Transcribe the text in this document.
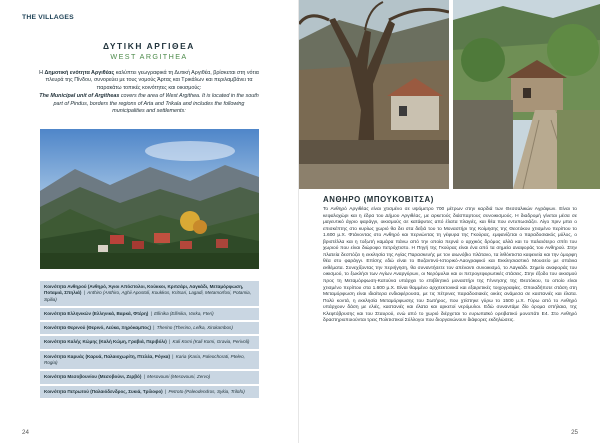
THE VILLAGES
ΔΥΤΙΚΗ ΑΡΓΙΘΕΑ
WEST ARGITHEA

Η Δημοτική ενότητα Αργιθέας καλύπτει γεωγραφικά τη Δυτική Αργιθέα, βρίσκεται στη νότια πλευρά της Πίνδου, συνορεύει με τους νομούς Άρτας και Τρικάλων και περιλαμβάνει τα παρακάτω τοπικές κοινότητες και οικισμούς:

The Municipal unit of Argitheas covers the area of West Argithea. It is located in the south part of Pindus, borders the regions of Arta and Trikala and includes the following municipalities and settlements:

Κοινότητα Ανθηρού (Ανθηρό, Άγιοι Απόστολοι, Κούκκοι, Κριτσάρι, Λαγκάδι, Μεταμόρφωση, Ποταμιά, Σπηλιά) | Anthiro (Anthiro, Aghii Apostoli, Koukkos, Kritsari, Lagadi, Metamorfosi, Potamia, Spilia)
Κοινότητα Ελληνικών (Ελληνικά, Βαρκά, Φτέρη) | Ellinika (Ellinika, Varka, Fteri)
Κοινότητα Θερινού (Θερινό, Λεύκα, Ξηρόκαμπος) | Therino (Therino, Lefka, Xirokambos)
Κοινότητα Καλής Κώμης (Καλή Κώμη, Γραβιά, Περιβόλι) | Kali Komi (Kali Komi, Gravia, Perivoli)
Κοινότητα Καρυάς (Καρυά, Παλαιοχωρίτη, Πτελέα, Ρόγκα) | Karia (Karia, Paleochorati, Pteleo, Rogia)
Κοινότητα Μεσοβουνίου (Μεσοβούνι, Ζερβό) | Mesovouni (Mesovouni, Zervo)
Κοινότητα Πετρωτού (Παλαιόδενδρος, Συκιά, Τρίλοφο) | Petroto (Paleodendros, Sykia, Trilofo)
24
ΑΝΘΗΡΟ (ΜΠΟΥΚΟΒΙΤΣΑ)

Το Ανθηρό Αργιθέας είναι χτισμένο σε υψόμετρο 700 μέτρων στην καρδιά των Θεσσαλικών Αγράφων. Είναι το κεφαλοχώρι και η έδρα του Δήμου Αργιθέας, με αρκετούς διάσπαρτους συνοικισμούς. Η διαδρομή γίνεται μέσα σε μαγευτικό άγριο φαράγγι, οικισμούς σε κατάφυτες από έλατα πλαγιές, και θέα που εντυπωσιάζει. Λίγο πριν μπει ο επισκέπτης στο κυρίως χωριό θα δει στα δεξιά του το Μοναστήρι της Κοίμησης της Θεοτόκου χτισμένο περίπου το 1.600 μ.Χ. Φτάνοντας στο Ανθηρό και περνώντας τη γέφυρα της Γκούρας, εμφανίζεται ο παραδοσιακός μύλος, ο βριστέλλα και η τοξωτή καμάρα πάνω από την οποία περνά ο αρχικός δρόμος αλλά και το παλαιότερο σπίτι του χωριού που είναι διώροφο πετρόχτιστο. Η Πηγή της Γκούρας είναι ένα από τα σημεία αναφοράς του Ανθηρού. Στην πλατεία δεσπόζει η εκκλησία της Αγίας Παρασκευής με τον αιωνόβιο πλάτανο, τα λιθόκτιστα καφενεία και την όμορφη θέα στο φαράγγι. Επίσης εδώ είναι το Βυζαντινό-Ιστορικό-Λαογραφικό και Εκκλησιαστικό Μουσείο με σπάνια εκθέματα. Συνεχίζοντας την περιήγηση, θα συναντήσετε τον απέναντι συνοικισμό, το Λαγκάδι. Σημείο αναφοράς του οικισμού, το ξωκλήσι των Αγίων Αναργύρων, οι Νερόμυλοι και οι πετρογεφυρωτικές στάσεις. Στην έξοδο του οικισμού προς τη Μεταμόρφωση-Κατούνα υπάρχει το επιβλητικό μοναστήρι της Γέννησης της Θεοτόκου, το οποίο είναι χτισμένο περίπου στα 1.600 μ.Χ. Είναι θαμμένο αρχιτεκτονικά και εξαιρετικές τοιχογραφίες. Οποιαδήποτε στάση στη Μεταμόρφωση είναι ιδιαίτερα ενδιαφέρουσα, με τις πέτρινες παραδοσιακές οικίες ανάμεσα σε καστανιές και έλατα. Πολύ κοντά, η εκκλησία Μεταμόρφωσης του Σωτήρος, που χτίστηκε γύρω το 1500 μ.Χ. Γύρω από το Ανθηρό υπάρχουν δάση με ελιές, καστανιές και έλατα και αρκετοί νερόμυλοι. Εδώ συναντάμε δίο όρομα σπήλαια, της Κλεφτόβρυσης και του Σταυρού, ενώ από το χωριό διέρχεται το ευρωπαϊκό ορειβατικό μονοπάτι Ε4. Στο Ανθηρό δραστηριοποιούνται τρεις Πολιτιστικοί Σύλλογοι που διοργανώνουν διάφορες εκδηλώσεις.

25
